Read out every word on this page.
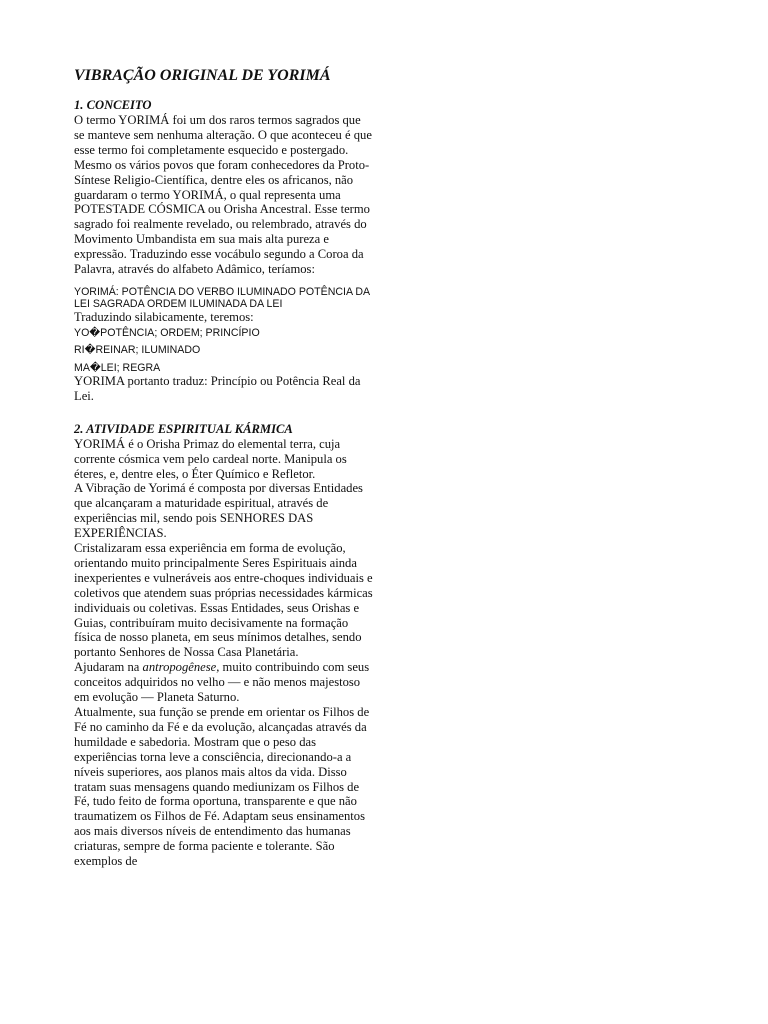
VIBRAÇÃO ORIGINAL DE YORIMÁ
1. CONCEITO

O termo YORIMÁ foi um dos raros termos sagrados que se manteve sem nenhuma alteração. O que aconteceu é que esse termo foi completamente esquecido e postergado. Mesmo os vários povos que foram conhecedores da Proto-Síntese Religio-Científica, dentre eles os africanos, não guardaram o termo YORIMÁ, o qual representa uma POTESTADE CÓSMICA ou Orisha Ancestral. Esse termo sagrado foi realmente revelado, ou relembrado, através do Movimento Umbandista em sua mais alta pureza e expressão. Traduzindo esse vocábulo segundo a Coroa da Palavra, através do alfabeto Adâmico, teríamos:

YORIMÁ: POTÊNCIA DO VERBO ILUMINADO POTÊNCIA DA LEI SAGRADA ORDEM ILUMINADA DA LEI

Traduzindo silabicamente, teremos:

YO�POTÊNCIA; ORDEM; PRINCÍPIO

RI�REINAR; ILUMINADO

MA�LEI; REGRA

YORIMA portanto traduz: Princípio ou Potência Real da Lei.

2. ATIVIDADE ESPIRITUAL KÁRMICA

YORIMÁ é o Orisha Primaz do elemental terra, cuja corrente cósmica vem pelo cardeal norte. Manipula os éteres, e, dentre eles, o Éter Químico e Refletor.

A Vibração de Yorimá é composta por diversas Entidades que alcançaram a maturidade espiritual, através de experiências mil, sendo pois SENHORES DAS EXPERIÊNCIAS.

Cristalizaram essa experiência em forma de evolução, orientando muito principalmente Seres Espirituais ainda inexperientes e vulneráveis aos entre-choques individuais e coletivos que atendem suas próprias necessidades kármicas individuais ou coletivas. Essas Entidades, seus Orishas e Guias, contribuíram muito decisivamente na formação física de nosso planeta, em seus mínimos detalhes, sendo portanto Senhores de Nossa Casa Planetária.

Ajudaram na antropogênese, muito contribuindo com seus conceitos adquiridos no velho — e não menos majestoso em evolução — Planeta Saturno.

Atualmente, sua função se prende em orientar os Filhos de Fé no caminho da Fé e da evolução, alcançadas através da humildade e sabedoria. Mostram que o peso das experiências torna leve a consciência, direcionando-a a níveis superiores, aos planos mais altos da vida. Disso tratam suas mensagens quando mediunizam os Filhos de Fé, tudo feito de forma oportuna, transparente e que não traumatizem os Filhos de Fé. Adaptam seus ensinamentos aos mais diversos níveis de entendimento das humanas criaturas, sempre de forma paciente e tolerante. São exemplos de
